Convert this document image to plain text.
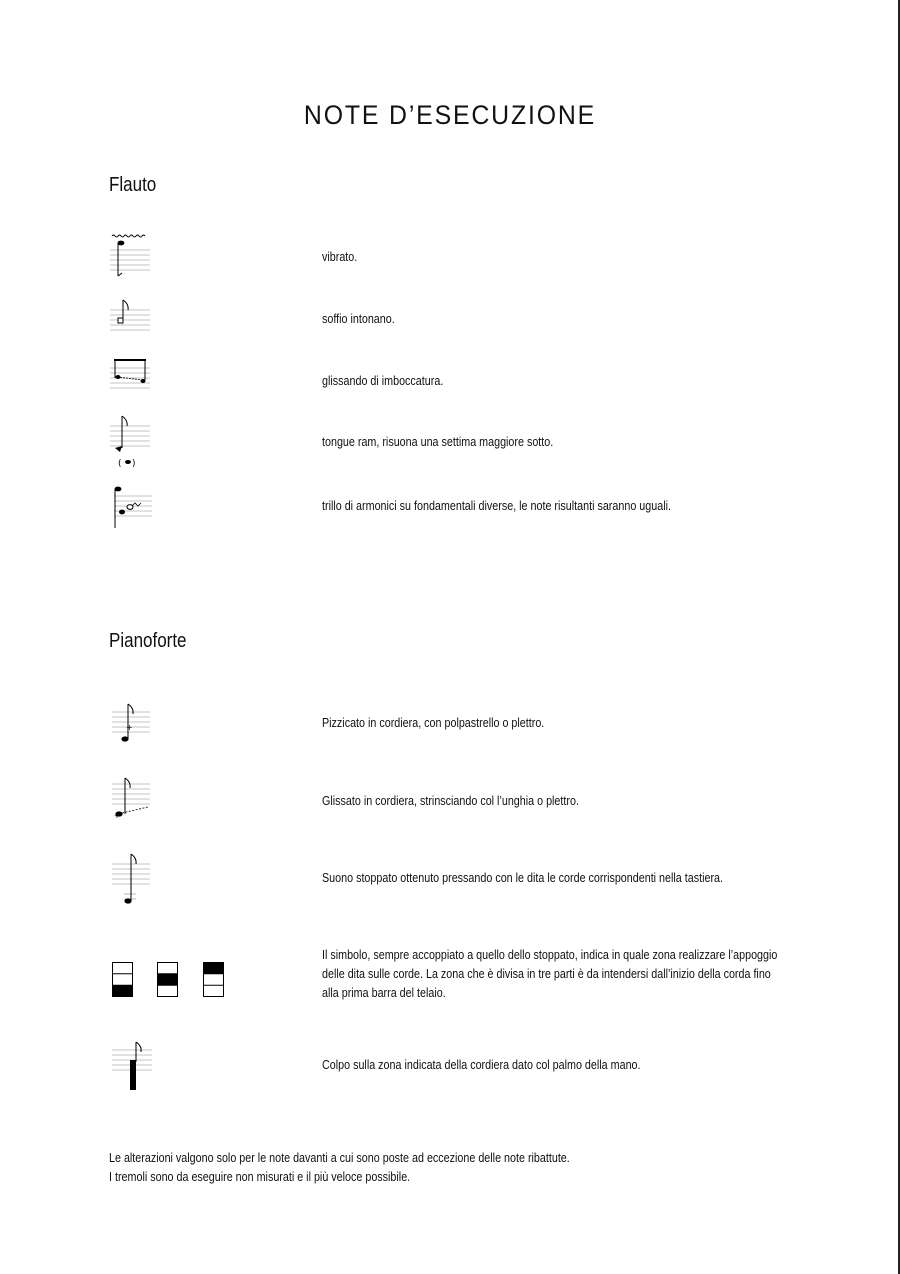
NOTE D’ESECUZIONE
Flauto
vibrato.
soffio intonano.
glissando di imboccatura.
( )
tongue ram, risuona una settima maggiore sotto.
trillo di armonici su fondamentali diverse, le note risultanti saranno uguali.
Pianoforte
+	Pizzicato in cordiera, con polpastrello o plettro.
+
Glissato in cordiera, strinsciando col l’unghia o plettro.
Suono stoppato ottenuto pressando con le dita le corde corrispondenti nella tastiera.
Il simbolo, sempre accoppiato a quello dello stoppato, indica in quale zona realizzare l’appoggio
delle dita sulle corde. La zona che è divisa in tre parti è da intendersi dall’inizio della corda fino
alla prima barra del telaio.
Colpo sulla zona indicata della cordiera dato col palmo della mano.
Le alterazioni valgono solo per le note davanti a cui sono poste ad eccezione delle note ribattute.
I tremoli sono da eseguire non misurati e il più veloce possibile.
